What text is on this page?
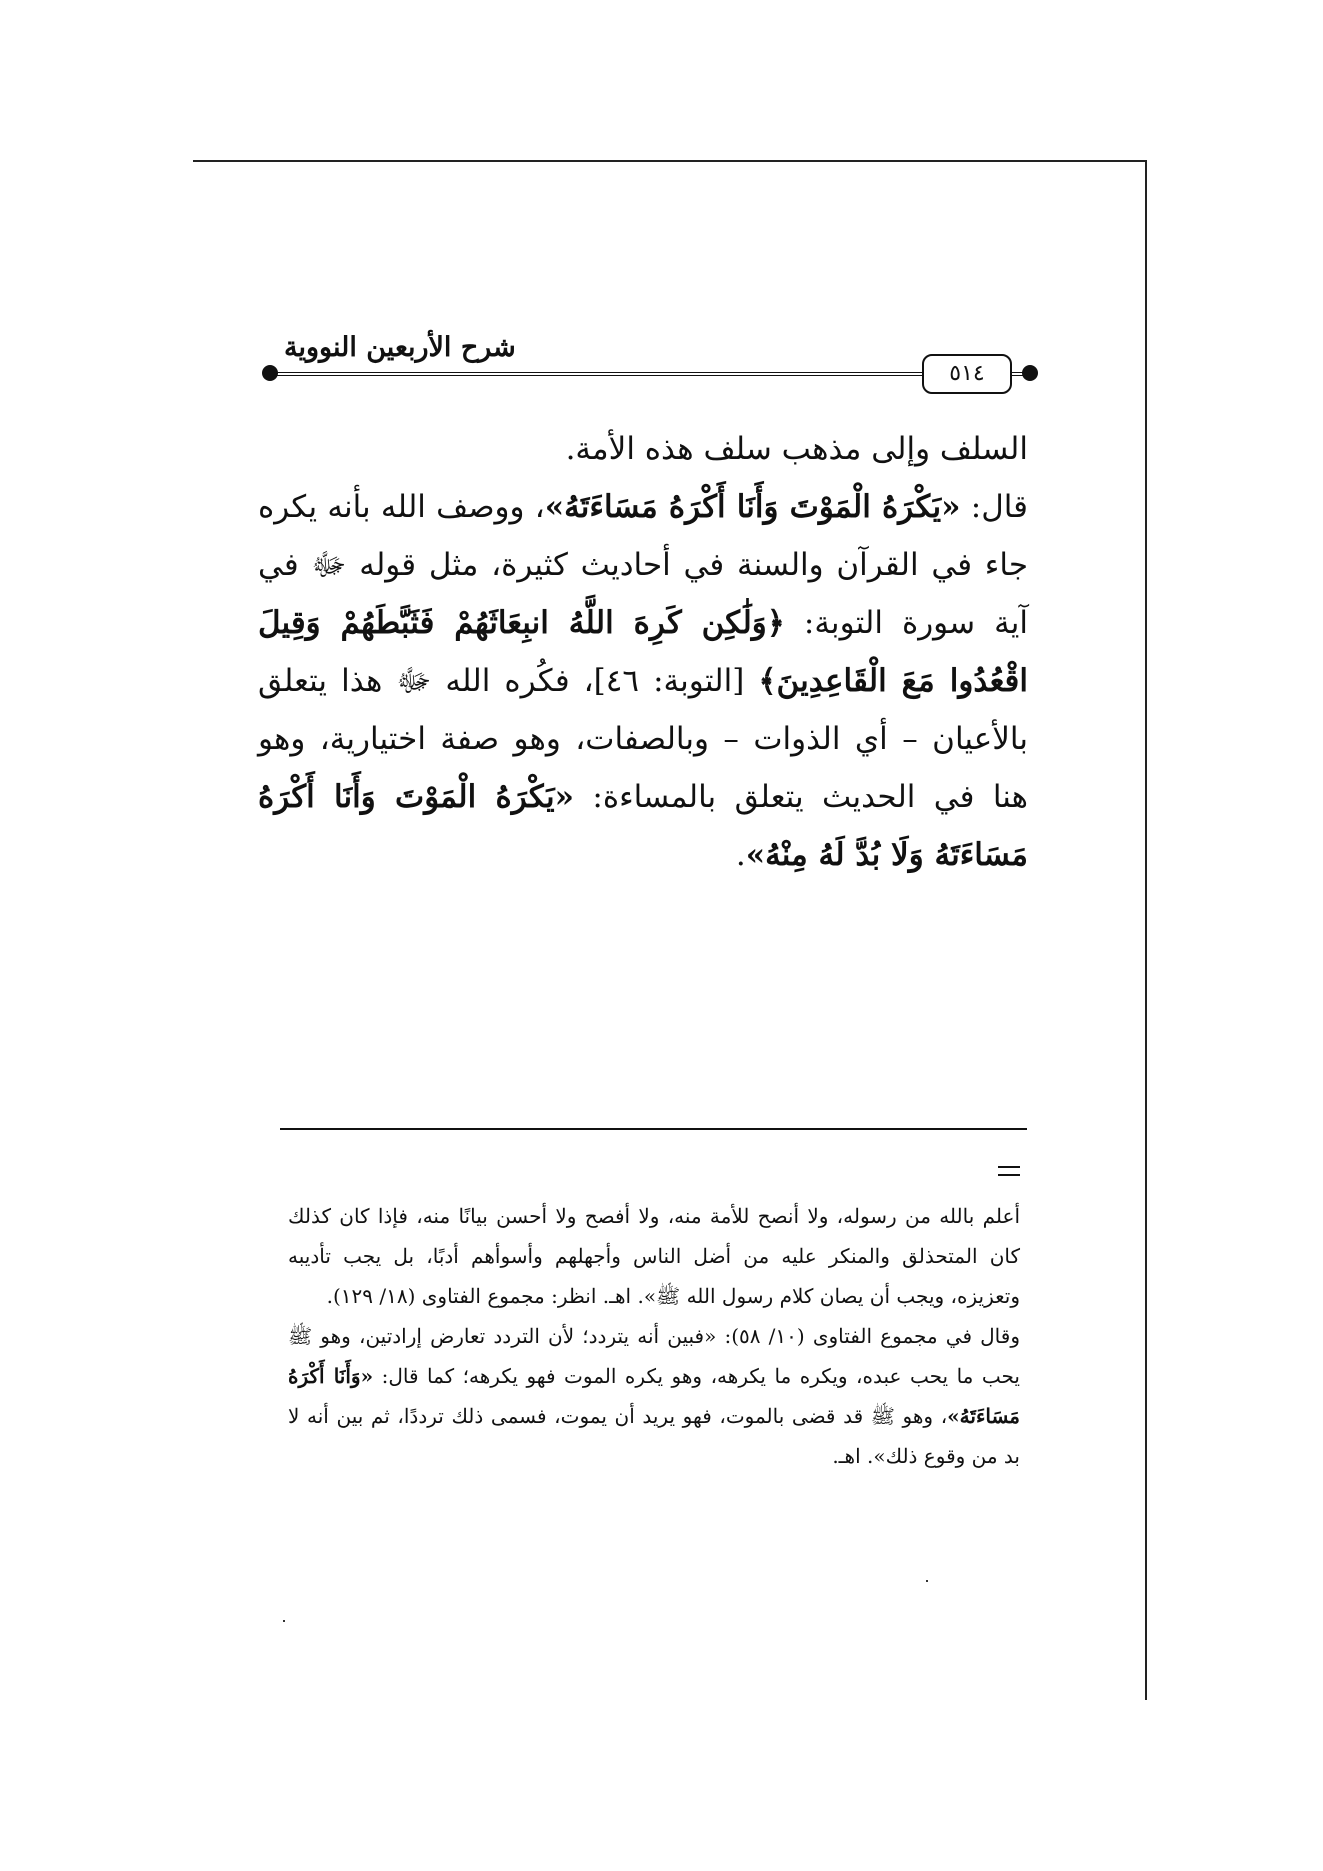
شرح الأربعين النووية
٥١٤

السلف وإلى مذهب سلف هذه الأمة.

قال: «يَكْرَهُ الْمَوْتَ وَأَنَا أَكْرَهُ مَسَاءَتَهُ»، ووصف الله بأنه يكره جاء في القرآن والسنة في أحاديث كثيرة، مثل قوله ﷻ في آية سورة التوبة: ﴿وَلَٰكِن كَرِهَ اللَّهُ انبِعَاثَهُمْ فَثَبَّطَهُمْ وَقِيلَ اقْعُدُوا مَعَ الْقَاعِدِينَ﴾ [التوبة: ٤٦]، فكُره الله ﷻ هذا يتعلق بالأعيان – أي الذوات – وبالصفات، وهو صفة اختيارية، وهو هنا في الحديث يتعلق بالمساءة: «يَكْرَهُ الْمَوْتَ وَأَنَا أَكْرَهُ مَسَاءَتَهُ وَلَا بُدَّ لَهُ مِنْهُ».

أعلم بالله من رسوله، ولا أنصح للأمة منه، ولا أفصح ولا أحسن بيانًا منه، فإذا كان كذلك كان المتحذلق والمنكر عليه من أضل الناس وأجهلهم وأسوأهم أدبًا، بل يجب تأديبه وتعزيزه، ويجب أن يصان كلام رسول الله ﷺ». اهـ. انظر: مجموع الفتاوى (١٨/ ١٢٩).

وقال في مجموع الفتاوى (١٠/ ٥٨): «فبين أنه يتردد؛ لأن التردد تعارض إرادتين، وهو ﷺ يحب ما يحب عبده، ويكره ما يكرهه، وهو يكره الموت فهو يكرهه؛ كما قال: «وَأَنَا أَكْرَهُ مَسَاءَتَهُ»، وهو ﷺ قد قضى بالموت، فهو يريد أن يموت، فسمى ذلك ترددًا، ثم بين أنه لا بد من وقوع ذلك». اهـ.
